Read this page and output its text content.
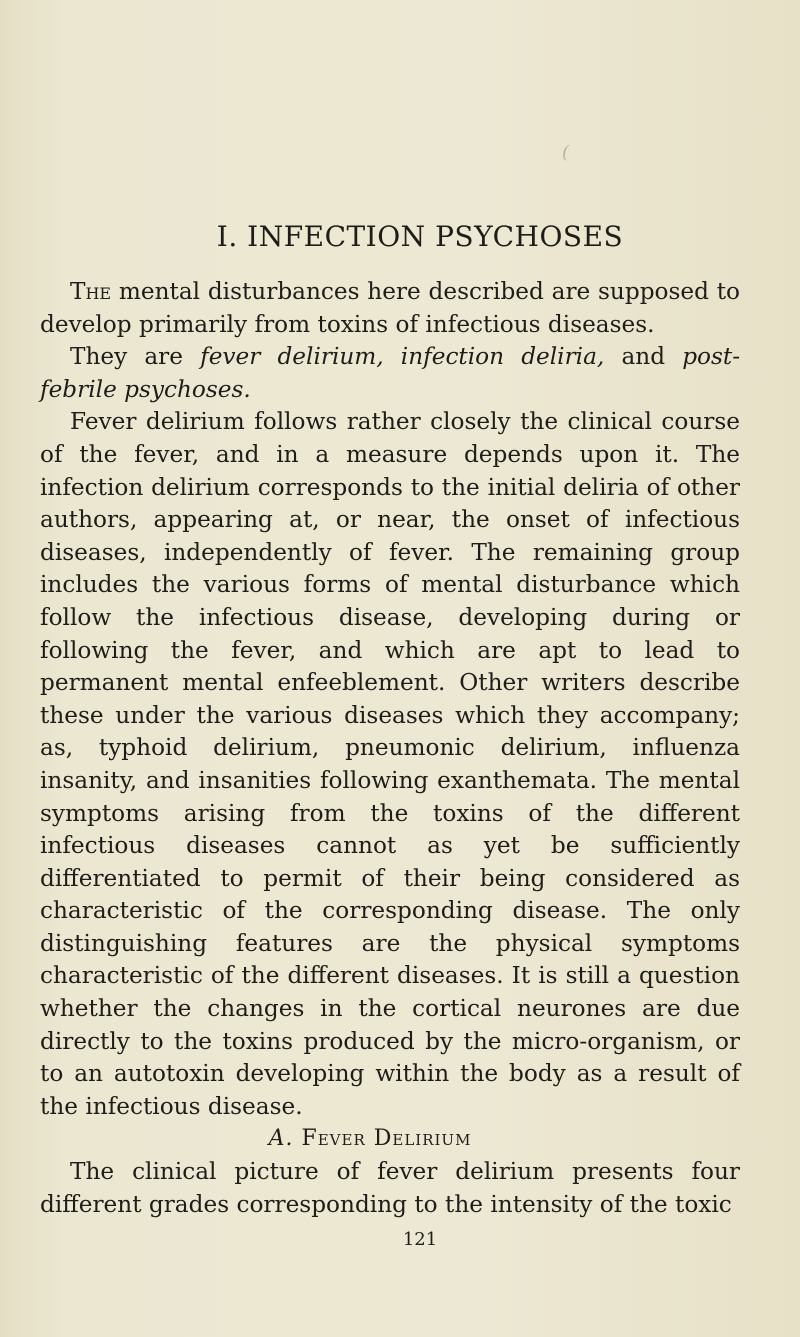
(
I. INFECTION PSYCHOSES

The mental disturbances here described are supposed to develop primarily from toxins of infectious diseases.

They are fever delirium, infection deliria, and post-febrile psychoses.

Fever delirium follows rather closely the clinical course of the fever, and in a measure depends upon it. The infection delirium corresponds to the initial deliria of other authors, appearing at, or near, the onset of infectious diseases, independently of fever. The remaining group includes the various forms of mental disturbance which follow the infectious disease, developing during or following the fever, and which are apt to lead to permanent mental enfeeblement. Other writers describe these under the various diseases which they accompany; as, typhoid delirium, pneumonic delirium, influenza insanity, and insanities following exanthemata. The mental symptoms arising from the toxins of the different infectious diseases cannot as yet be sufficiently differentiated to permit of their being considered as characteristic of the corresponding disease. The only distinguishing features are the physical symptoms characteristic of the different diseases. It is still a question whether the changes in the cortical neurones are due directly to the toxins produced by the micro-organism, or to an autotoxin developing within the body as a result of the infectious disease.

A. Fever Delirium

The clinical picture of fever delirium presents four different grades corresponding to the intensity of the toxic

121
